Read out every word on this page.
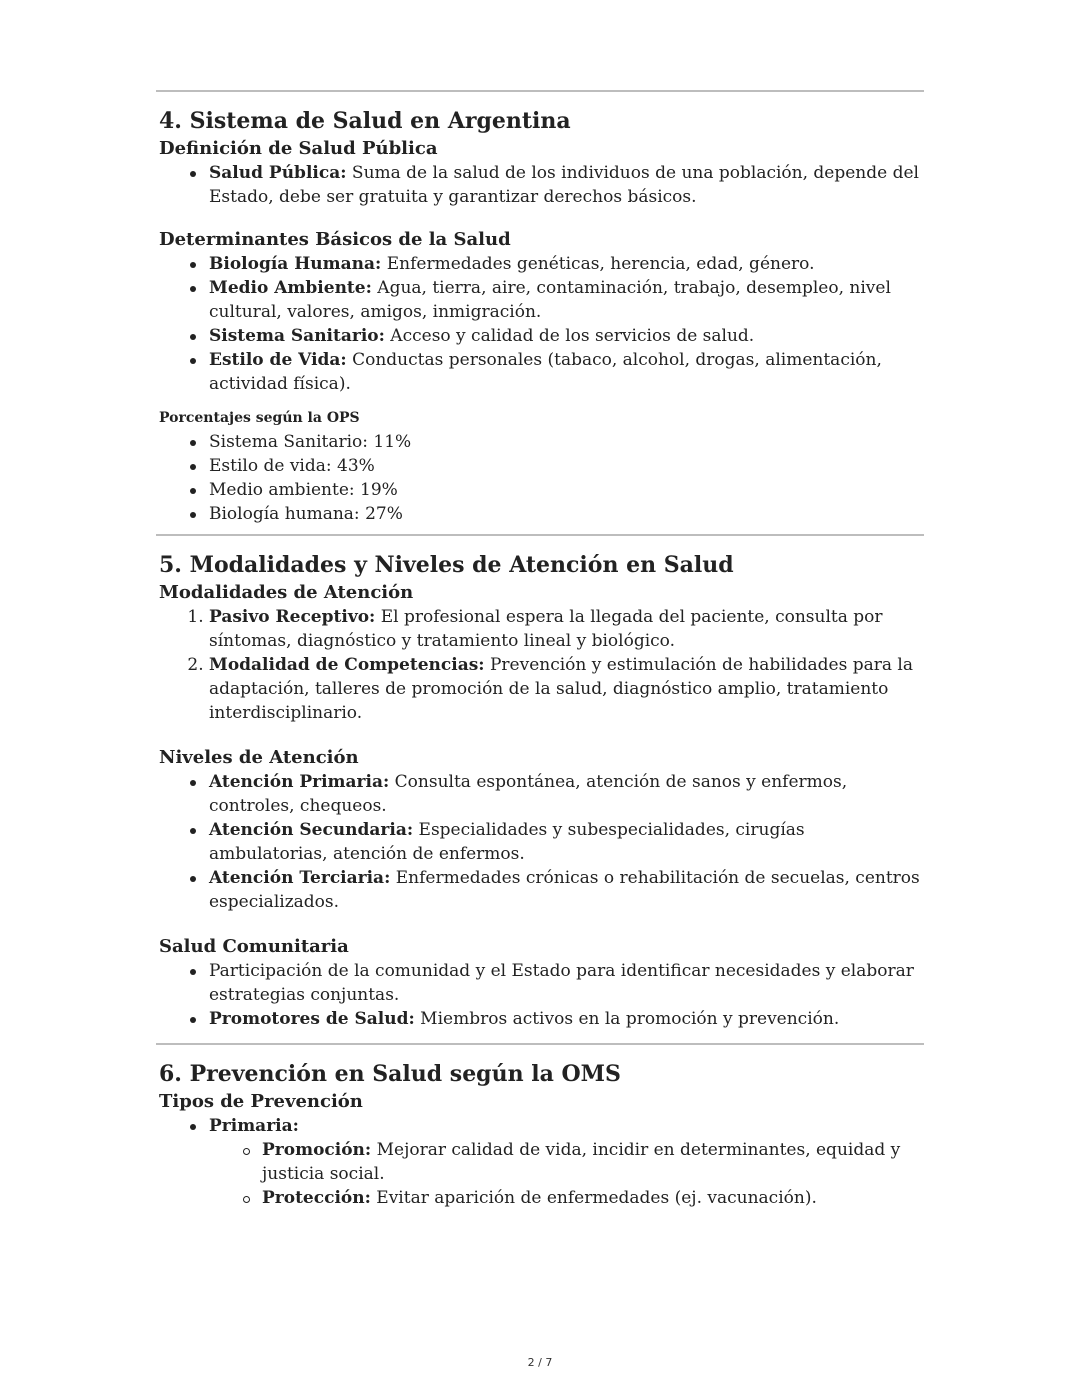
4. Sistema de Salud en Argentina
Definición de Salud Pública
Salud Pública: Suma de la salud de los individuos de una población, depende del Estado, debe ser gratuita y garantizar derechos básicos.
Determinantes Básicos de la Salud
Biología Humana: Enfermedades genéticas, herencia, edad, género.
Medio Ambiente: Agua, tierra, aire, contaminación, trabajo, desempleo, nivel cultural, valores, amigos, inmigración.
Sistema Sanitario: Acceso y calidad de los servicios de salud.
Estilo de Vida: Conductas personales (tabaco, alcohol, drogas, alimentación, actividad física).
Porcentajes según la OPS
Sistema Sanitario: 11%
Estilo de vida: 43%
Medio ambiente: 19%
Biología humana: 27%
5. Modalidades y Niveles de Atención en Salud
Modalidades de Atención
1. Pasivo Receptivo: El profesional espera la llegada del paciente, consulta por síntomas, diagnóstico y tratamiento lineal y biológico.
2. Modalidad de Competencias: Prevención y estimulación de habilidades para la adaptación, talleres de promoción de la salud, diagnóstico amplio, tratamiento interdisciplinario.
Niveles de Atención
Atención Primaria: Consulta espontánea, atención de sanos y enfermos, controles, chequeos.
Atención Secundaria: Especialidades y subespecialidades, cirugías ambulatorias, atención de enfermos.
Atención Terciaria: Enfermedades crónicas o rehabilitación de secuelas, centros especializados.
Salud Comunitaria
Participación de la comunidad y el Estado para identificar necesidades y elaborar estrategias conjuntas.
Promotores de Salud: Miembros activos en la promoción y prevención.
6. Prevención en Salud según la OMS
Tipos de Prevención
Primaria:
Promoción: Mejorar calidad de vida, incidir en determinantes, equidad y justicia social.
Protección: Evitar aparición de enfermedades (ej. vacunación).
2 / 7
